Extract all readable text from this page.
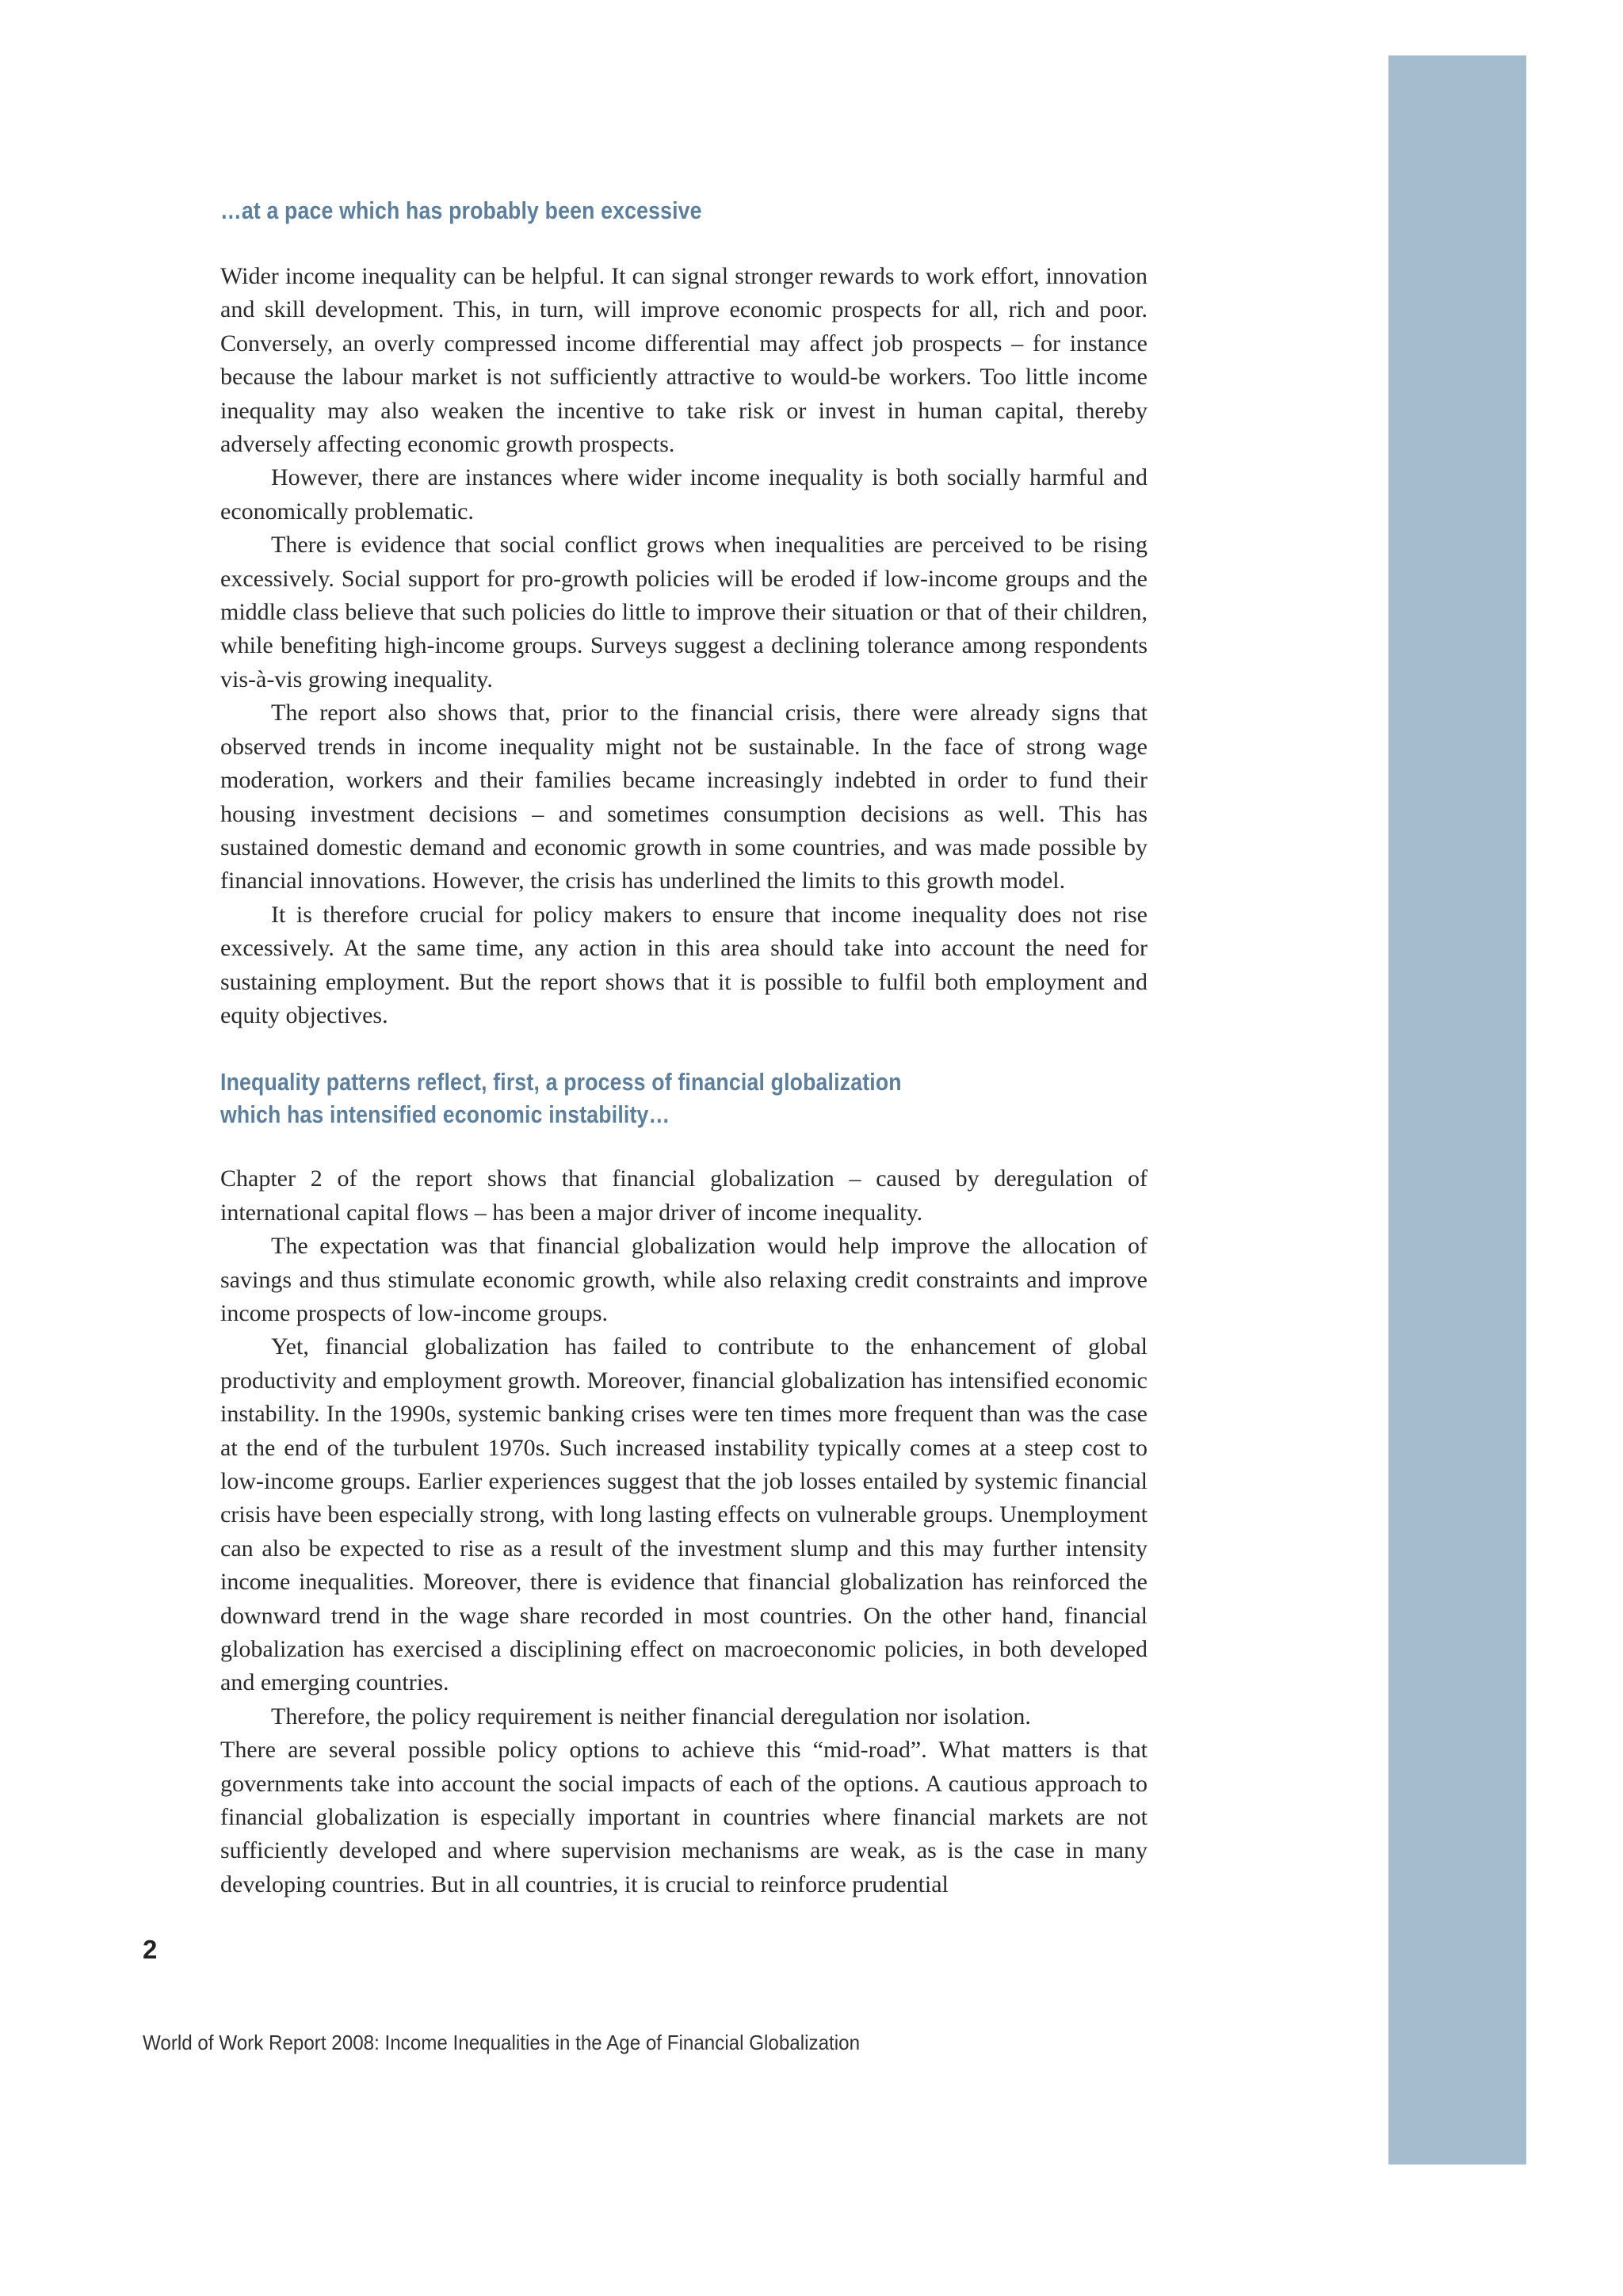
…at a pace which has probably been excessive

Wider income inequality can be helpful. It can signal stronger rewards to work effort, innovation and skill development. This, in turn, will improve economic prospects for all, rich and poor. Conversely, an overly compressed income differential may affect job prospects – for instance because the labour market is not sufficiently attractive to would-be workers. Too little income inequality may also weaken the incentive to take risk or invest in human capital, thereby adversely affecting economic growth prospects.

However, there are instances where wider income inequality is both socially harmful and economically problematic.

There is evidence that social conflict grows when inequalities are perceived to be rising excessively. Social support for pro-growth policies will be eroded if low-income groups and the middle class believe that such policies do little to improve their situation or that of their children, while benefiting high-income groups. Surveys suggest a declining tolerance among respondents vis-à-vis growing inequality.

The report also shows that, prior to the financial crisis, there were already signs that observed trends in income inequality might not be sustainable. In the face of strong wage moderation, workers and their families became increasingly indebted in order to fund their housing investment decisions – and sometimes consumption decisions as well. This has sustained domestic demand and economic growth in some countries, and was made possible by financial innovations. However, the crisis has underlined the limits to this growth model.

It is therefore crucial for policy makers to ensure that income inequality does not rise excessively. At the same time, any action in this area should take into account the need for sustaining employment. But the report shows that it is possible to fulfil both employment and equity objectives.

Inequality patterns reflect, first, a process of financial globalization
which has intensified economic instability…

Chapter 2 of the report shows that financial globalization – caused by deregulation of international capital flows – has been a major driver of income inequality.

The expectation was that financial globalization would help improve the allocation of savings and thus stimulate economic growth, while also relaxing credit constraints and improve income prospects of low-income groups.

Yet, financial globalization has failed to contribute to the enhancement of global productivity and employment growth. Moreover, financial globalization has intensified economic instability. In the 1990s, systemic banking crises were ten times more frequent than was the case at the end of the turbulent 1970s. Such increased instability typically comes at a steep cost to low-income groups. Earlier experiences suggest that the job losses entailed by systemic financial crisis have been especially strong, with long lasting effects on vulnerable groups. Unemployment can also be expected to rise as a result of the investment slump and this may further intensity income inequalities. Moreover, there is evidence that financial globalization has reinforced the downward trend in the wage share recorded in most countries. On the other hand, financial globalization has exercised a disciplining effect on macroeconomic policies, in both developed and emerging countries.

Therefore, the policy requirement is neither financial deregulation nor isolation.

There are several possible policy options to achieve this “mid-road”. What matters is that governments take into account the social impacts of each of the options. A cautious approach to financial globalization is especially important in countries where financial markets are not sufficiently developed and where supervision mechanisms are weak, as is the case in many developing countries. But in all countries, it is crucial to reinforce prudential

2
World of Work Report 2008: Income Inequalities in the Age of Financial Globalization
